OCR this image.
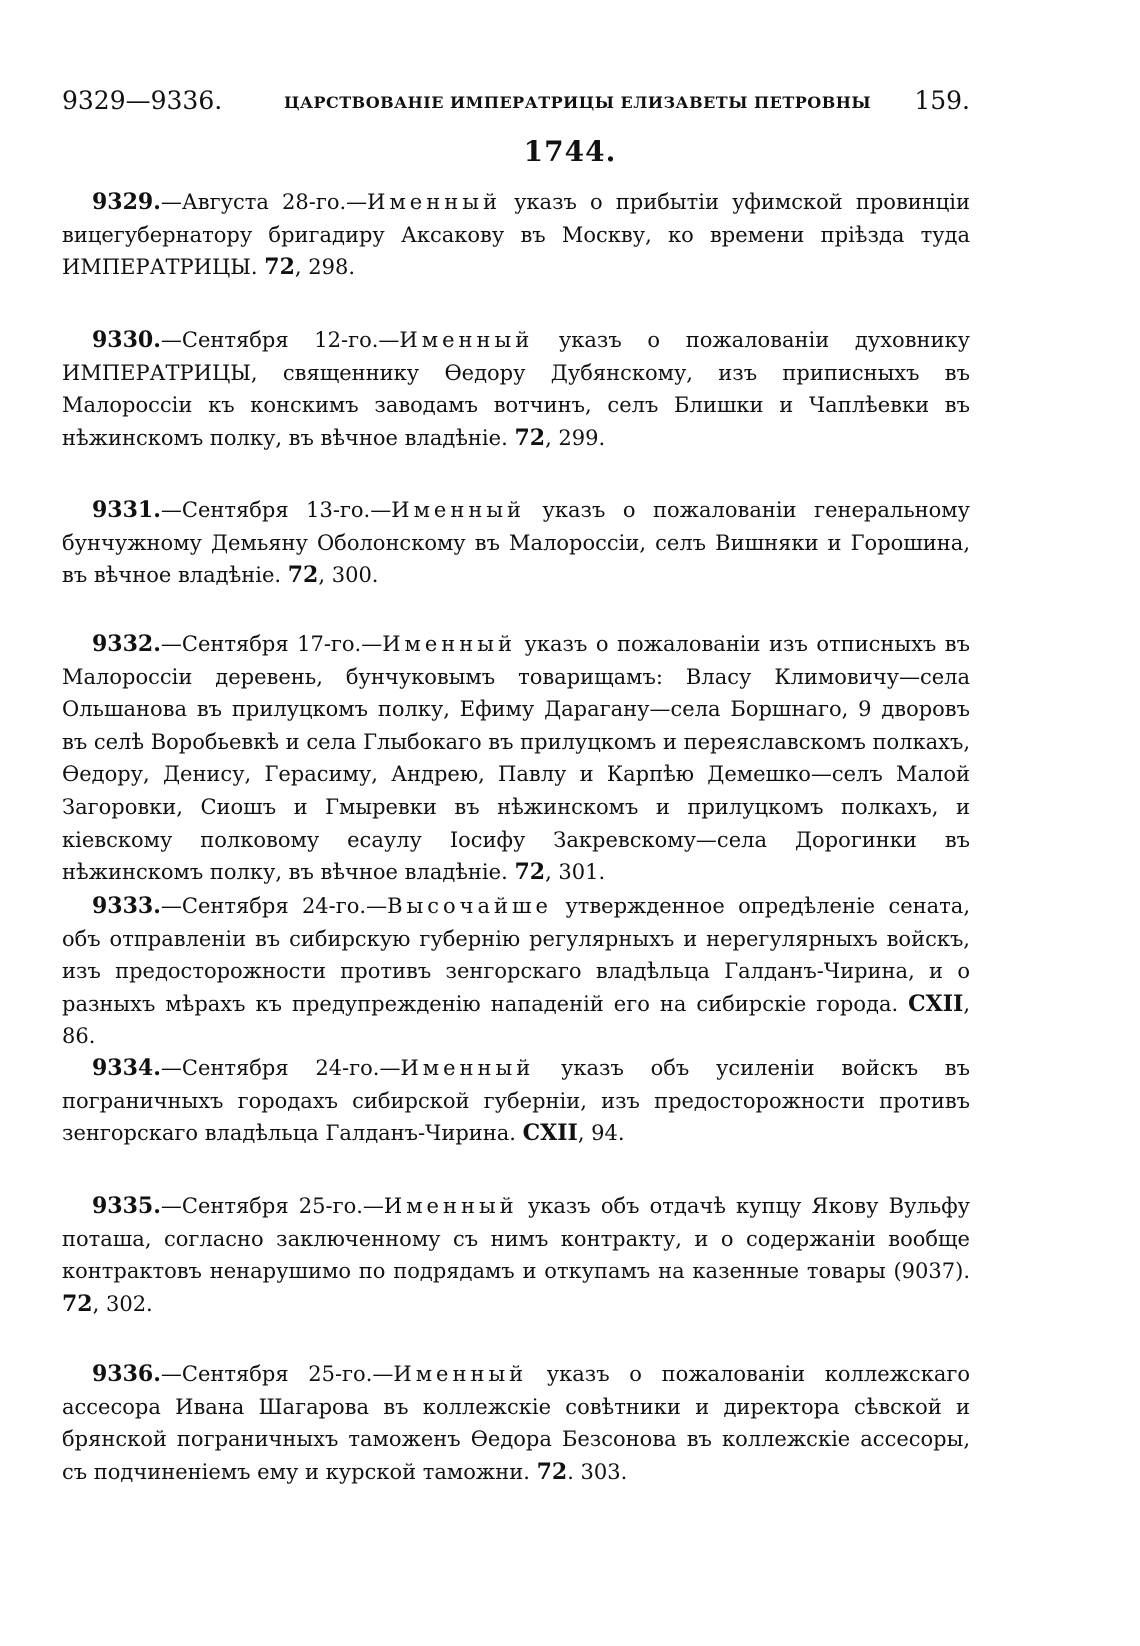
9329—9336.	ЦАРСТВОВАНІЕ ИМПЕРАТРИЦЫ ЕЛИЗАВЕТЫ ПЕТРОВНЫ 159.
1744.

9329.—Августа 28-го.—Именный указъ о прибытіи уфимской провинціи вицегубернатору бригадиру Аксакову въ Москву, ко времени пріѣзда туда ИМПЕРАТРИЦЫ. 72, 298.

9330.—Сентября 12-го.—Именный указъ о пожалованіи духовнику ИМПЕРАТРИЦЫ, священнику Ѳедору Дубянскому, изъ приписныхъ въ Малороссіи къ конскимъ заводамъ вотчинъ, селъ Блишки и Чаплѣевки въ нѣжинскомъ полку, въ вѣчное владѣніе. 72, 299.

9331.—Сентября 13-го.—Именный указъ о пожалованіи генеральному бунчужному Демьяну Оболонскому въ Малороссіи, селъ Вишняки и Горошина, въ вѣчное владѣніе. 72, 300.

9332.—Сентября 17-го.—Именный указъ о пожалованіи изъ отписныхъ въ Малороссіи деревень, бунчуковымъ товарищамъ: Власу Климовичу—села Ольшанова въ прилуцкомъ полку, Ефиму Дарагану—села Боршнаго, 9 дворовъ въ селѣ Воробьевкѣ и села Глыбокаго въ прилуцкомъ и переяславскомъ полкахъ, Ѳедору, Денису, Герасиму, Андрею, Павлу и Карпѣю Демешко—селъ Малой Загоровки, Сиошъ и Гмыревки въ нѣжинскомъ и прилуцкомъ полкахъ, и кіевскому полковому есаулу Іосифу Закревскому—села Дорогинки въ нѣжинскомъ полку, въ вѣчное владѣніе. 72, 301.

9333.—Сентября 24-го.—Высочайше утвержденное опредѣленіе сената, объ отправленіи въ сибирскую губернію регулярныхъ и нерегулярныхъ войскъ, изъ предосторожности противъ зенгорскаго владѣльца Галданъ-Чирина, и о разныхъ мѣрахъ къ предупрежденію нападеній его на сибирскіе города. CXII, 86.

9334.—Сентября 24-го.—Именный указъ объ усиленіи войскъ въ пограничныхъ городахъ сибирской губерніи, изъ предосторожности противъ зенгорскаго владѣльца Галданъ-Чирина. CXII, 94.

9335.—Сентября 25-го.—Именный указъ объ отдачѣ купцу Якову Вульфу поташа, согласно заключенному съ нимъ контракту, и о содержаніи вообще контрактовъ ненарушимо по подрядамъ и откупамъ на казенные товары (9037). 72, 302.

9336.—Сентября 25-го.—Именный указъ о пожалованіи коллежскаго ассесора Ивана Шагарова въ коллежскіе совѣтники и директора сѣвской и брянской пограничныхъ таможенъ Ѳедора Безсонова въ коллежскіе ассесоры, съ подчиненіемъ ему и курской таможни. 72. 303.
